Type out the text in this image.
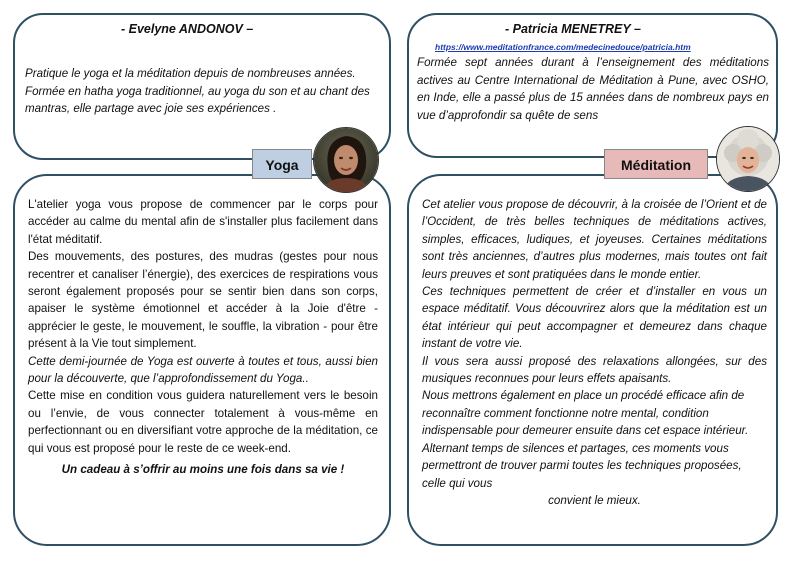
- Evelyne ANDONOV –

Pratique le yoga et la méditation depuis de nombreuses années. Formée en hatha yoga traditionnel, au yoga du son et au chant des mantras, elle partage avec joie ses expériences .

- Patricia MENETREY –
https://www.meditationfrance.com/medecinedouce/patricia.htm

Formée sept années durant à l’enseignement des méditations actives au Centre International de Méditation à Pune, avec OSHO, en Inde, elle a passé plus de 15 années dans de nombreux pays en vue d’approfondir sa quête de sens

L'atelier yoga vous propose de commencer par le corps pour accéder au calme du mental afin de s'installer plus facilement dans l'état méditatif.

Des mouvements, des postures, des mudras (gestes pour nous recentrer et canaliser l’énergie), des exercices de respirations vous seront également proposés pour se sentir bien dans son corps, apaiser le système émotionnel et accéder à la Joie d'être - apprécier le geste, le mouvement, le souffle, la vibration - pour être présent à la Vie tout simplement.

Cette demi-journée de Yoga est ouverte à toutes et tous, aussi bien pour la découverte, que l’approfondissement du Yoga..

Cette mise en condition vous guidera naturellement vers le besoin ou l’envie, de vous connecter totalement à vous-même en perfectionnant ou en diversifiant votre approche de la méditation, ce qui vous est proposé pour le reste de ce week-end.

Un cadeau à s’offrir au moins une fois dans sa vie !

Cet atelier vous propose de découvrir, à la croisée de l’Orient et de l’Occident, de très belles techniques de méditations actives, simples, efficaces, ludiques, et joyeuses. Certaines méditations sont très anciennes, d’autres plus modernes, mais toutes ont fait leurs preuves et sont pratiquées dans le monde entier.

Ces techniques permettent de créer et d’installer en vous un espace méditatif. Vous découvrirez alors que la méditation est un état intérieur qui peut accompagner et demeurez dans chaque instant de votre vie.

Il vous sera aussi proposé des relaxations allongées, sur des musiques reconnues pour leurs effets apaisants.

Nous mettrons également en place un procédé efficace afin de reconnaître comment fonctionne notre mental, condition indispensable pour demeurer ensuite dans cet espace intérieur. Alternant temps de silences et partages, ces moments vous permettront de trouver parmi toutes les techniques proposées, celle qui vous

convient le mieux.

Yoga	Méditation
